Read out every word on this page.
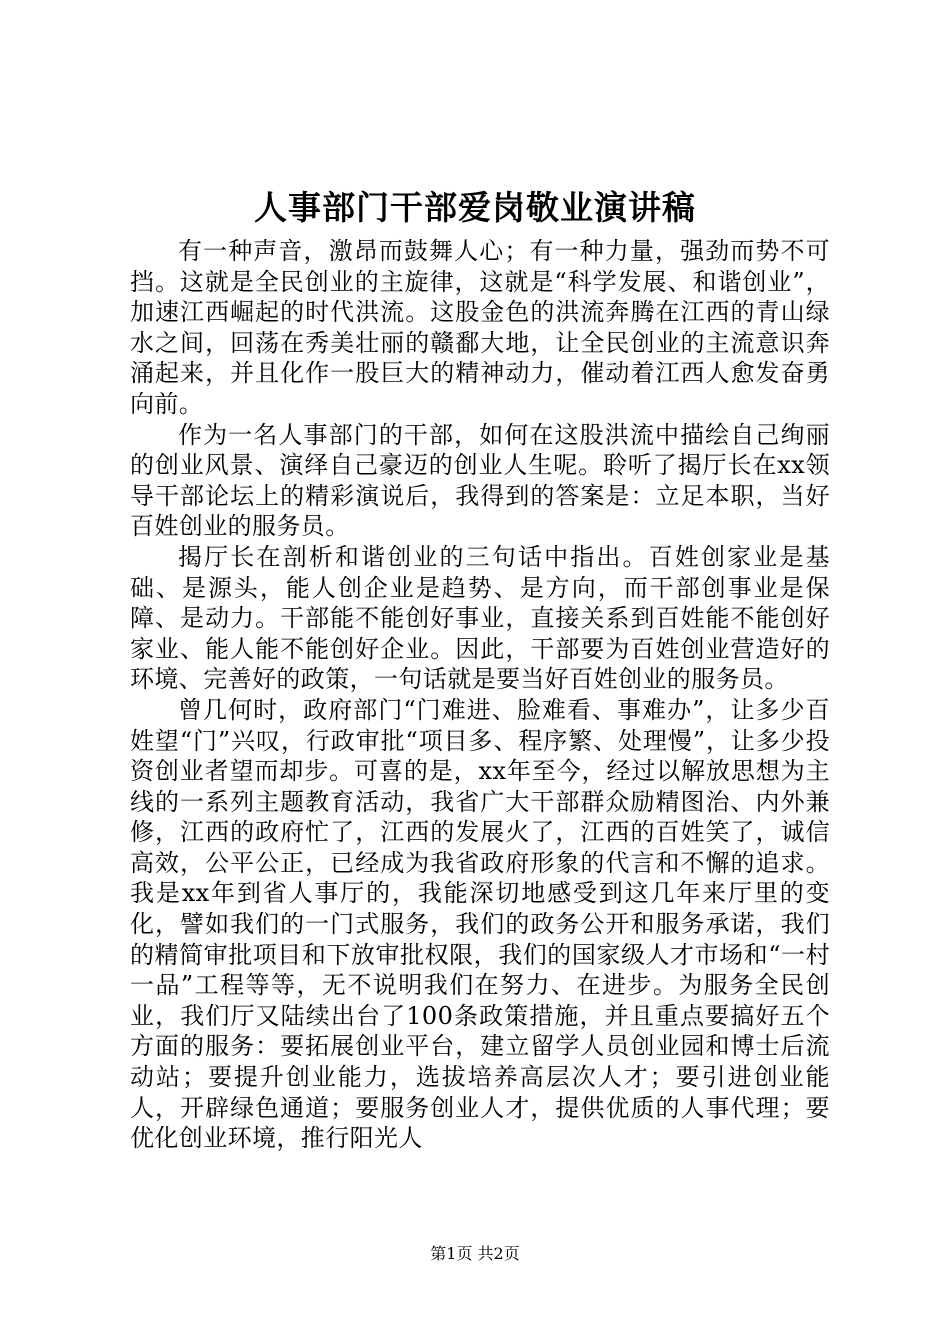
人事部门干部爱岗敬业演讲稿

有一种声音，激昂而鼓舞人心；有一种力量，强劲而势不可挡。这就是全民创业的主旋律，这就是“科学发展、和谐创业”，加速江西崛起的时代洪流。这股金色的洪流奔腾在江西的青山绿水之间，回荡在秀美壮丽的赣鄱大地，让全民创业的主流意识奔涌起来，并且化作一股巨大的精神动力，催动着江西人愈发奋勇向前。

作为一名人事部门的干部，如何在这股洪流中描绘自己绚丽的创业风景、演绎自己豪迈的创业人生呢。聆听了揭厅长在xx领导干部论坛上的精彩演说后，我得到的答案是：立足本职，当好百姓创业的服务员。

揭厅长在剖析和谐创业的三句话中指出。百姓创家业是基础、是源头，能人创企业是趋势、是方向，而干部创事业是保障、是动力。干部能不能创好事业，直接关系到百姓能不能创好家业、能人能不能创好企业。因此，干部要为百姓创业营造好的环境、完善好的政策，一句话就是要当好百姓创业的服务员。

曾几何时，政府部门“门难进、脸难看、事难办”，让多少百姓望“门”兴叹，行政审批“项目多、程序繁、处理慢”，让多少投资创业者望而却步。可喜的是，xx年至今，经过以解放思想为主线的一系列主题教育活动，我省广大干部群众励精图治、内外兼修，江西的政府忙了，江西的发展火了，江西的百姓笑了，诚信高效，公平公正，已经成为我省政府形象的代言和不懈的追求。我是xx年到省人事厅的，我能深切地感受到这几年来厅里的变化，譬如我们的一门式服务，我们的政务公开和服务承诺，我们的精简审批项目和下放审批权限，我们的国家级人才市场和“一村一品”工程等等，无不说明我们在努力、在进步。为服务全民创业，我们厅又陆续出台了100条政策措施，并且重点要搞好五个方面的服务：要拓展创业平台，建立留学人员创业园和博士后流动站；要提升创业能力，选拔培养高层次人才；要引进创业能人，开辟绿色通道；要服务创业人才，提供优质的人事代理；要优化创业环境，推行阳光人

第1页 共2页
